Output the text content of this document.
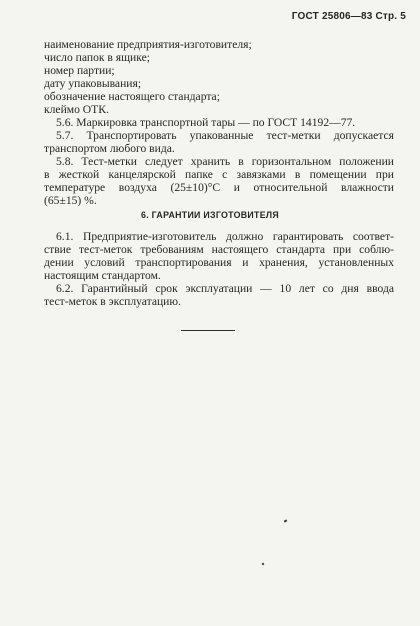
ГОСТ 25806—83 Стр. 5
наименование предприятия-изготовителя;
число папок в ящике;
номер партии;
дату упаковывания;
обозначение настоящего стандарта;
клеймо ОТК.
5.6. Маркировка транспортной тары — по ГОСТ 14192—77.
5.7. Транспортировать упакованные тест-метки допускается
транспортом любого вида.
5.8. Тест-метки следует хранить в горизонтальном положении
в жесткой канцелярской папке с завязками в помещении при
температуре воздуха (25±10)°С и относительной влажности
(65±15) %.
6. ГАРАНТИИ ИЗГОТОВИТЕЛЯ
6.1. Предприятие-изготовитель должно гарантировать соответ-
ствие тест-меток требованиям настоящего стандарта при соблю-
дении условий транспортирования и хранения, установленных
настоящим стандартом.
6.2. Гарантийный срок эксплуатации — 10 лет со дня ввода
тест-меток в эксплуатацию.
